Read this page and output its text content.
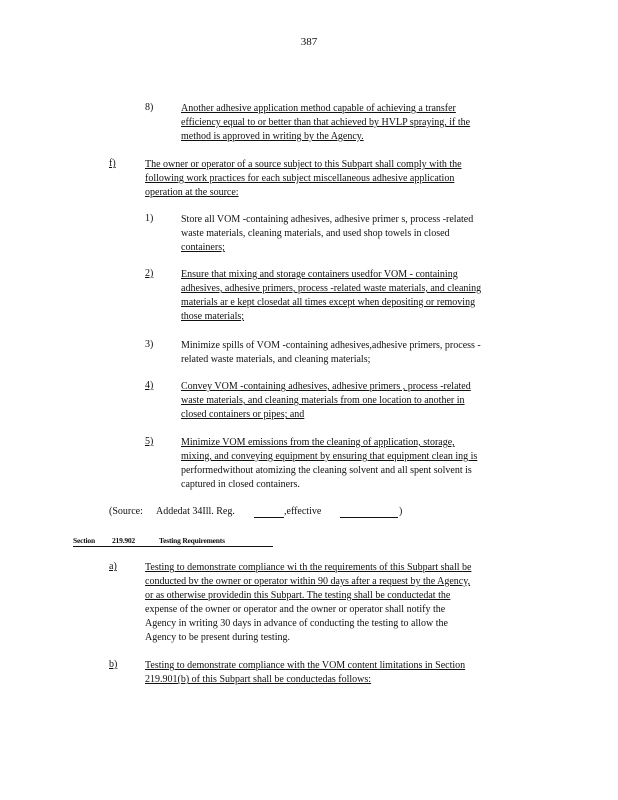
387
8)	Another adhesive application method capable of achieving a transfer
efficiency equal to or better than that achieved by HVLP spraying, if the
method is approved in writing by the Agency.
f)	The owner or operator of a source subject to this Subpart shall comply with the
following work practices for each subject miscellaneous adhesive application
operation at the source:
1)	Store all VOM -containing adhesives, adhesive primer s, process -related
waste materials, cleaning materials, and used shop towels in closed
containers;
2)	Ensure that mixing and storage containers usedfor VOM - containing
adhesives, adhesive primers, process -related waste materials, and cleaning
materials ar e kept closedat all times except when depositing or removing
those materials;
3)	Minimize spills of VOM -containing adhesives,adhesive primers, process -
related waste materials, and cleaning materials;
4)	Convey VOM -containing adhesives, adhesive primers , process -related
waste materials, and cleaning materials from one location to another in
closed containers or pipes; and
5)	Minimize VOM emissions from the cleaning of application, storage,
mixing, and conveying equipment by ensuring that equipment clean ing is
performedwithout atomizing the cleaning solvent and all spent solvent is
captured in closed containers.
(Source: Addedat 34Ill. Reg.	,effective	)
Section 219.902	Testing Requirements
a)	Testing to demonstrate compliance wi th the requirements of this Subpart shall be
conducted bv the owner or operator within 90 days after a request by the Agency,
or as otherwise providedin this Subpart. The testing shall be conductedat the
expense of the owner or operator and the owner or operator shall notify the
Agency in writing 30 days in advance of conducting the testing to allow the
Agency to be present during testing.
b)	Testing to demonstrate compliance with the VOM content limitations in Section
219.901(b) of this Subpart shall be conductedas follows:
